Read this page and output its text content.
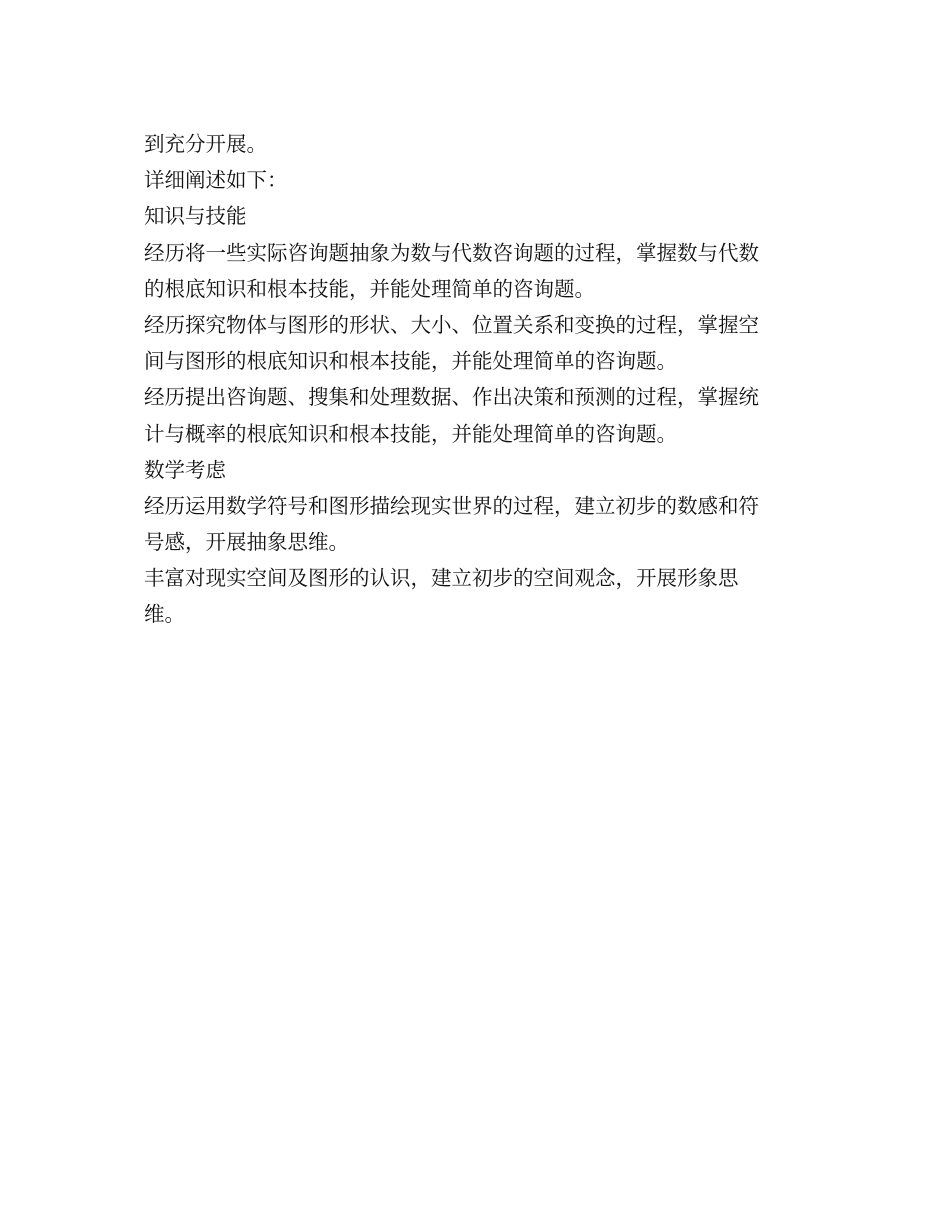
到充分开展。
详细阐述如下：
知识与技能
经历将一些实际咨询题抽象为数与代数咨询题的过程，掌握数与代数
的根底知识和根本技能，并能处理简单的咨询题。
经历探究物体与图形的形状、大小、位置关系和变换的过程，掌握空
间与图形的根底知识和根本技能，并能处理简单的咨询题。
经历提出咨询题、搜集和处理数据、作出决策和预测的过程，掌握统
计与概率的根底知识和根本技能，并能处理简单的咨询题。
数学考虑
经历运用数学符号和图形描绘现实世界的过程，建立初步的数感和符
号感，开展抽象思维。
丰富对现实空间及图形的认识，建立初步的空间观念，开展形象思
维。
